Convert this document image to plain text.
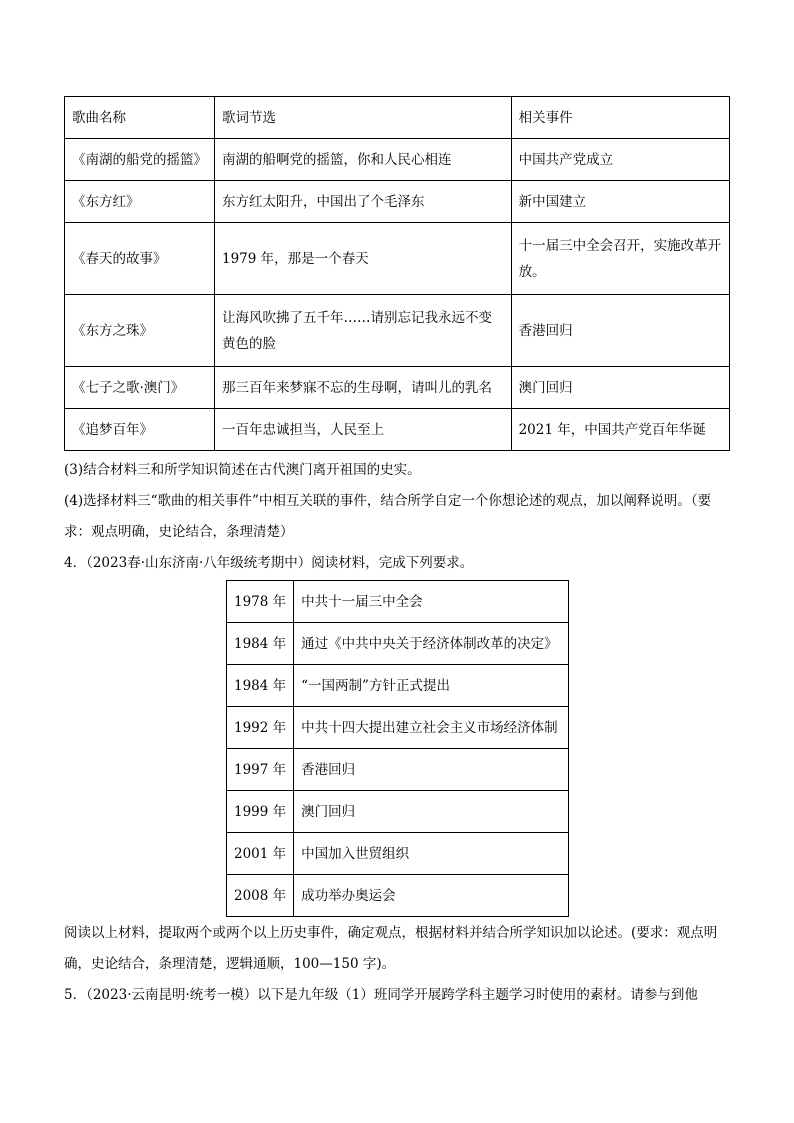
歌曲名称	歌词节选	相关事件
《南湖的船党的摇篮》	南湖的船啊党的摇篮，你和人民心相连	中国共产党成立
《东方红》	东方红太阳升，中国出了个毛泽东	新中国建立
《春天的故事》	1979 年，那是一个春天	十一届三中全会召开，实施改革开放。
《东方之珠》	让海风吹拂了五千年……请别忘记我永远不变黄色的脸	香港回归
《七子之歌·澳门》	那三百年来梦寐不忘的生母啊，请叫儿的乳名	澳门回归
《追梦百年》	一百年忠诚担当，人民至上	2021 年，中国共产党百年华诞
(3)结合材料三和所学知识简述在古代澳门离开祖国的史实。
(4)选择材料三“歌曲的相关事件”中相互关联的事件，结合所学自定一个你想论述的观点，加以阐释说明。（要求：观点明确，史论结合，条理清楚）
4．（2023春·山东济南·八年级统考期中）阅读材料，完成下列要求。
1978 年	中共十一届三中全会
1984 年	通过《中共中央关于经济体制改革的决定》
1984 年	“一国两制”方针正式提出
1992 年	中共十四大提出建立社会主义市场经济体制
1997 年	香港回归
1999 年	澳门回归
2001 年	中国加入世贸组织
2008 年	成功举办奥运会
阅读以上材料，提取两个或两个以上历史事件，确定观点，根据材料并结合所学知识加以论述。(要求：观点明确，史论结合，条理清楚，逻辑通顺，100—150 字)。
5．（2023·云南昆明·统考一模）以下是九年级（1）班同学开展跨学科主题学习时使用的素材。请参与到他
